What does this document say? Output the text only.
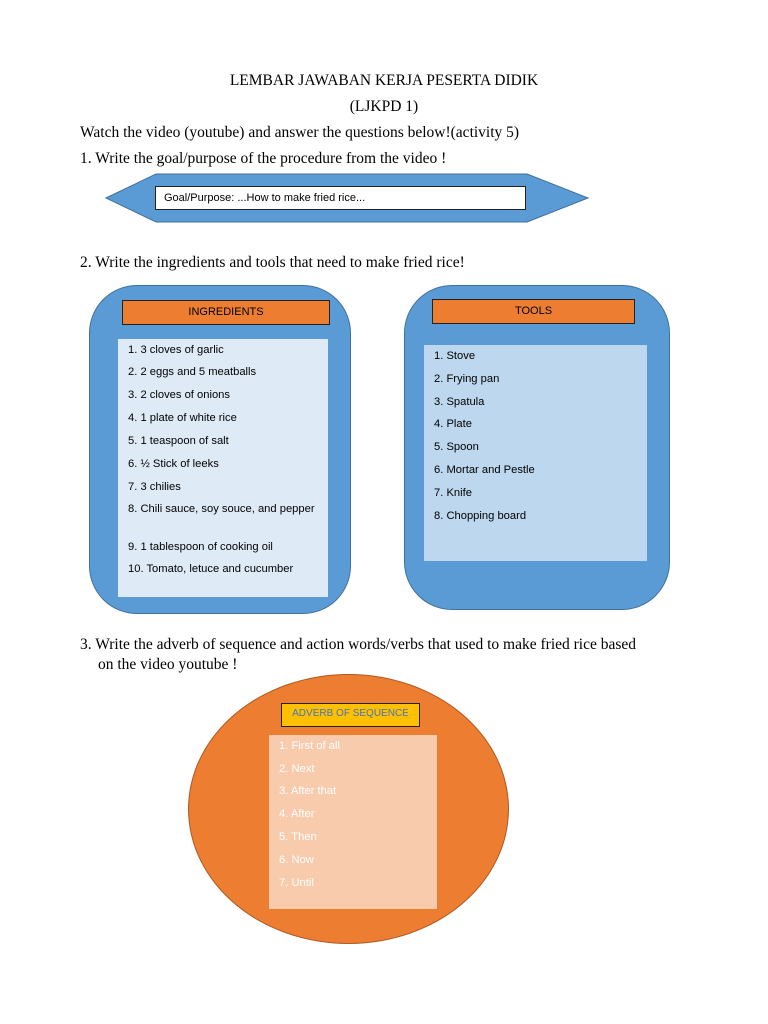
LEMBAR JAWABAN KERJA PESERTA DIDIK
(LJKPD 1)
Watch the video (youtube) and answer the questions below!(activity 5)
1. Write the goal/purpose of the procedure from the video !
Goal/Purpose: ...How to make fried rice...
2. Write the ingredients and tools that need to make fried rice!
INGREDIENTS
1. 3 cloves of garlic
2. 2 eggs and 5 meatballs
3. 2 cloves of onions
4. 1 plate of white rice
5. 1 teaspoon of salt
6. ½ Stick of leeks
7. 3 chilies
8. Chili sauce, soy souce, and pepper
9. 1 tablespoon of cooking oil
10. Tomato, letuce and cucumber
TOOLS
1. Stove
2. Frying pan
3. Spatula
4. Plate
5. Spoon
6. Mortar and Pestle
7. Knife
8. Chopping board
3. Write the adverb of sequence and action words/verbs that used to make fried rice based
on the video youtube !
ADVERB OF SEQUENCE
1. First of all
2. Next
3. After that
4. After
5. Then
6. Now
7. Until
